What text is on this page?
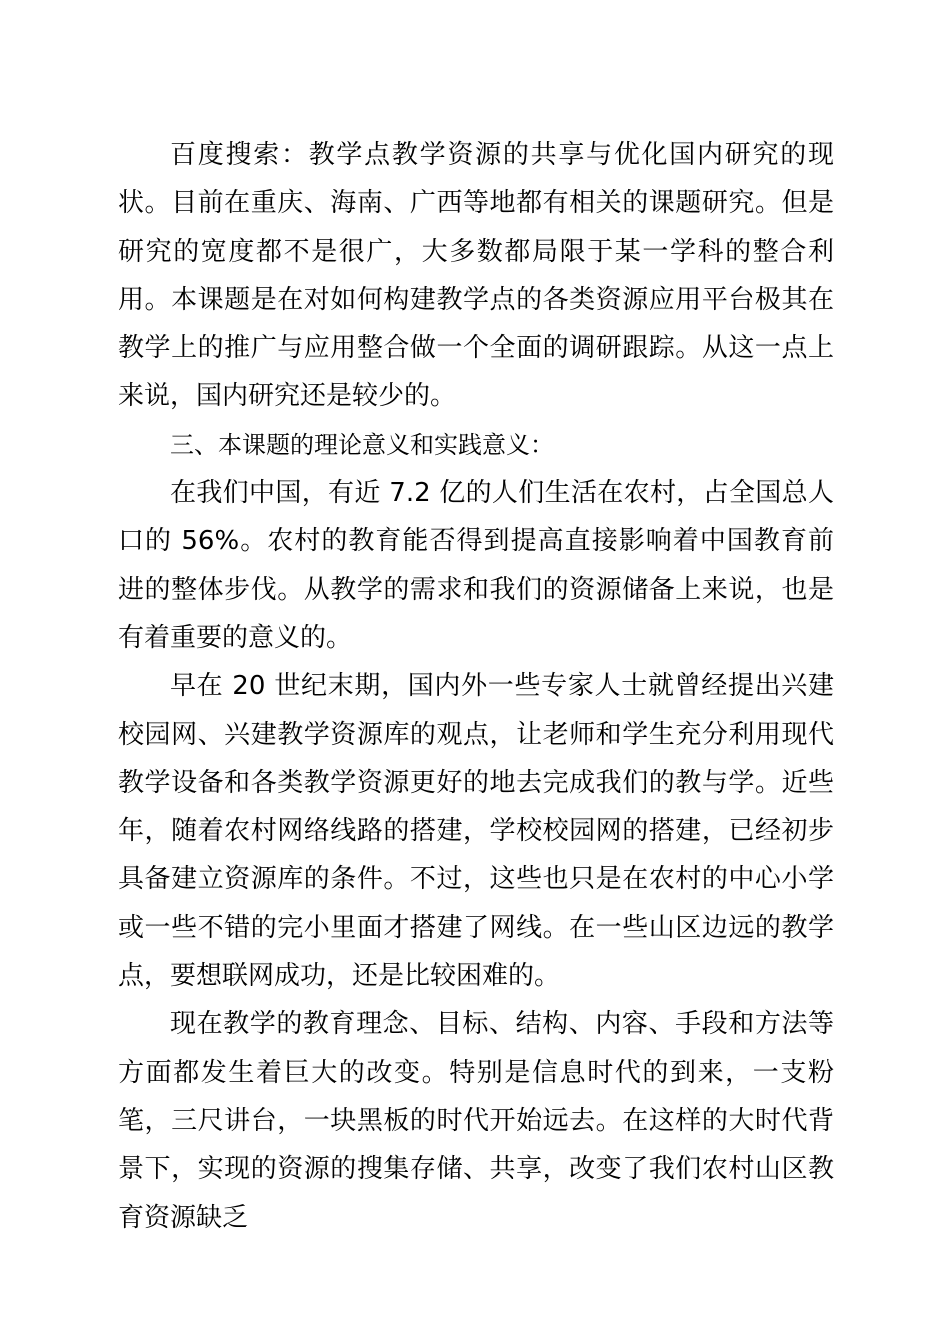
百度搜索：教学点教学资源的共享与优化国内研究的现状。目前在重庆、海南、广西等地都有相关的课题研究。但是研究的宽度都不是很广，大多数都局限于某一学科的整合利用。本课题是在对如何构建教学点的各类资源应用平台极其在教学上的推广与应用整合做一个全面的调研跟踪。从这一点上来说，国内研究还是较少的。

三、本课题的理论意义和实践意义：

在我们中国，有近 7.2 亿的人们生活在农村，占全国总人口的 56%。农村的教育能否得到提高直接影响着中国教育前进的整体步伐。从教学的需求和我们的资源储备上来说，也是有着重要的意义的。

早在 20 世纪末期，国内外一些专家人士就曾经提出兴建校园网、兴建教学资源库的观点，让老师和学生充分利用现代教学设备和各类教学资源更好的地去完成我们的教与学。近些年，随着农村网络线路的搭建，学校校园网的搭建，已经初步具备建立资源库的条件。不过，这些也只是在农村的中心小学或一些不错的完小里面才搭建了网线。在一些山区边远的教学点，要想联网成功，还是比较困难的。

现在教学的教育理念、目标、结构、内容、手段和方法等方面都发生着巨大的改变。特别是信息时代的到来，一支粉笔，三尺讲台，一块黑板的时代开始远去。在这样的大时代背景下，实现的资源的搜集存储、共享，改变了我们农村山区教育资源缺乏
